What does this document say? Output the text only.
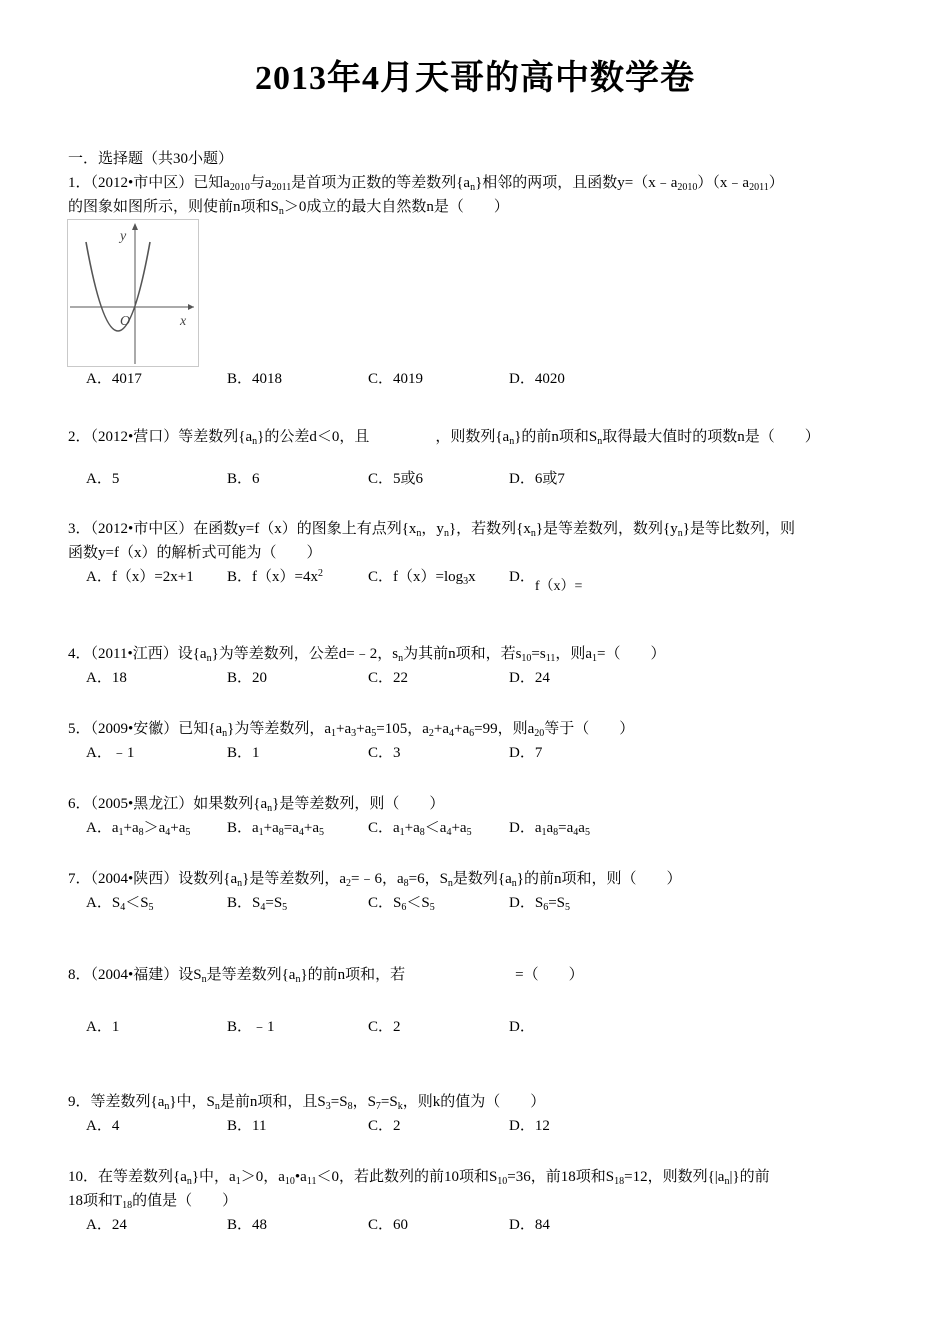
2013年4月天哥的高中数学卷
一．选择题（共30小题）
1．（2012•市中区）已知$a_{2010}$与$a_{2011}$是首项为正数的等差数列$\{a_n\}$相邻的两项，且函数$y=(x﹣a_{2010})(x﹣a_{2011})$
的图象如图所示，则使前n项和$S_n>0$成立的最大自然数n是（　　）
y
O	x
A．4017	B．4018	C．4019	D．4020
2．（2012•营口）等差数列$\{a_n\}$的公差d＜0，且	，则数列$\{a_n\}$的前n项和$S_n$取得最大值时的项数n是（　　）
A．5	B．6	C．5或6	D．6或7
3．（2012•市中区）在函数y=f（x）的图象上有点列{$x_n$，$y_n$}，若数列$\{x_n\}$是等差数列，数列$\{y_n\}$是等比数列，则
函数y=f（x）的解析式可能为（　　）
A．f（x）=2x+1 B．$f(x)=4x^2$	C．$f(x)=\log_3x$ D．f（x）=
4．（2011•江西）设$\{a_n\}$为等差数列，公差d=﹣2，$s_n$为其前n项和，若$s_{10}=s_{11}$，则$a_1=$（　　）
A．18	B．20	C．22	D．24
5．（2009•安徽）已知$\{a_n\}$为等差数列，$a_1+a_3+a_5=105$，$a_2+a_4+a_6=99$，则$a_{20}$等于（　　）
A．﹣1	B．1	C．3	D．7
6．（2005•黑龙江）如果数列$\{a_n\}$是等差数列，则（　　）
A．$a_1+a_8>a_4+a_5$ B．$a_1+a_8=a_4+a_5$	C．$a_1+a_8<a_4+a_5$ D．$a_1a_8=a_4a_5$
7．（2004•陕西）设数列$\{a_n\}$是等差数列，$a_2=﹣6$，$a_8=6$，$S_n$是数列$\{a_n\}$的前n项和，则（　　）
A．$S_4<S_5$	B．$S_4=S_5$	C．$S_6<S_5$	D．$S_6=S_5$
8．（2004•福建）设$S_n$是等差数列$\{a_n\}$的前n项和，若	=（　　）
A．1	B．﹣1	C．2	D．
9．等差数列$\{a_n\}$中，$S_n$是前n项和，且$S_3=S_8$，$S_7=S_k$，则k的值为（　　）
A．4	B．11	C．2	D．12
10．在等差数列$\{a_n\}$中，$a_1>0$，$a_{10}•a_{11}<0$，若此数列的前10项和$S_{10}=36$，前18项和$S_{18}=12$，则数列$\{|a_n|\}$的前
18项和$T_{18}$的值是（　　）
A．24	B．48	C．60	D．84
